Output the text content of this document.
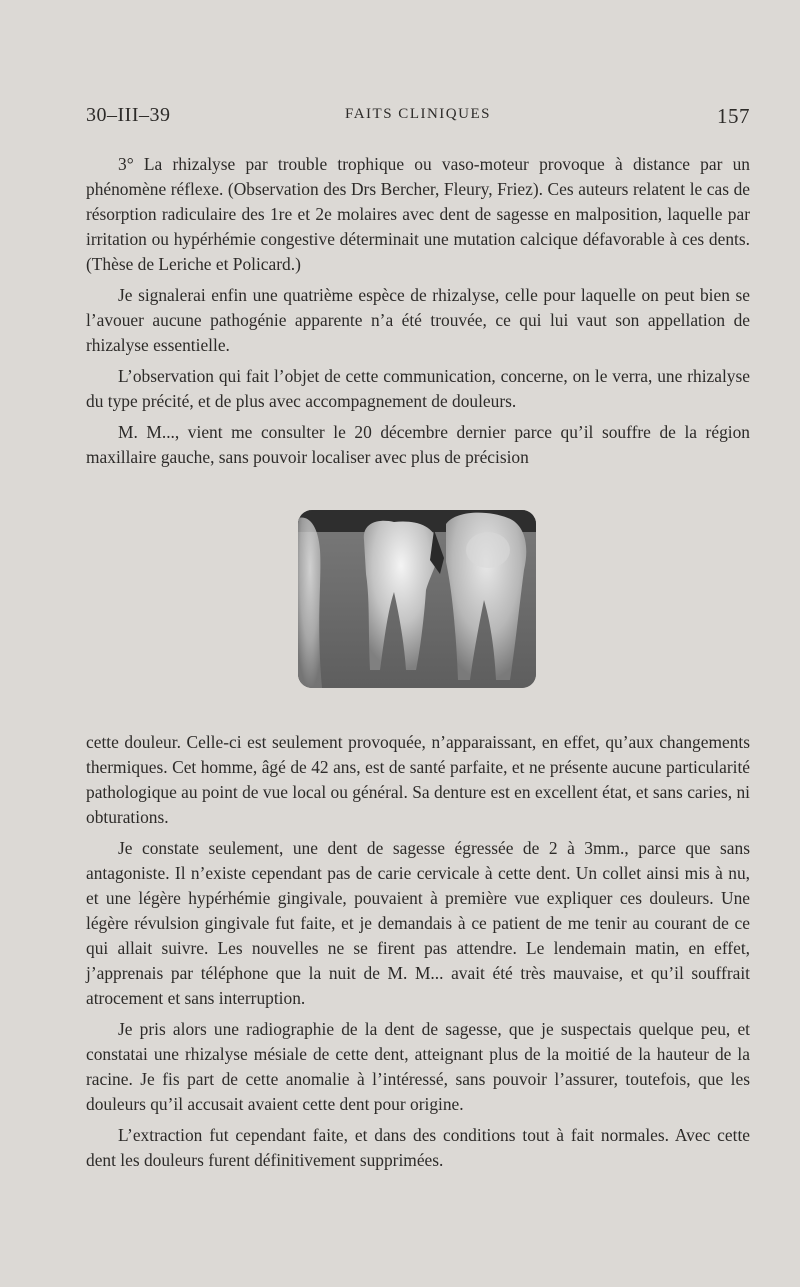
30–III–39	FAITS CLINIQUES	157

3° La rhizalyse par trouble trophique ou vaso-moteur provoque à distance par un phénomène réflexe. (Observation des Drs Bercher, Fleury, Friez). Ces auteurs relatent le cas de résorption radiculaire des 1re et 2e molaires avec dent de sagesse en malposition, laquelle par irritation ou hypérhémie congestive déterminait une mutation calcique défavorable à ces dents. (Thèse de Leriche et Policard.)

Je signalerai enfin une quatrième espèce de rhizalyse, celle pour laquelle on peut bien se l’avouer aucune pathogénie apparente n’a été trouvée, ce qui lui vaut son appellation de rhizalyse essentielle.

L’observation qui fait l’objet de cette communication, concerne, on le verra, une rhizalyse du type précité, et de plus avec accompagnement de douleurs.

M. M..., vient me consulter le 20 décembre dernier parce qu’il souffre de la région maxillaire gauche, sans pouvoir localiser avec plus de précision

cette douleur. Celle-ci est seulement provoquée, n’apparaissant, en effet, qu’aux changements thermiques. Cet homme, âgé de 42 ans, est de santé parfaite, et ne présente aucune particularité pathologique au point de vue local ou général. Sa denture est en excellent état, et sans caries, ni obturations.

Je constate seulement, une dent de sagesse égressée de 2 à 3mm., parce que sans antagoniste. Il n’existe cependant pas de carie cervicale à cette dent. Un collet ainsi mis à nu, et une légère hypérhémie gingivale, pouvaient à première vue expliquer ces douleurs. Une légère révulsion gingivale fut faite, et je demandais à ce patient de me tenir au courant de ce qui allait suivre. Les nouvelles ne se firent pas attendre. Le lendemain matin, en effet, j’apprenais par téléphone que la nuit de M. M... avait été très mauvaise, et qu’il souffrait atrocement et sans interruption.

Je pris alors une radiographie de la dent de sagesse, que je suspectais quelque peu, et constatai une rhizalyse mésiale de cette dent, atteignant plus de la moitié de la hauteur de la racine. Je fis part de cette anomalie à l’intéressé, sans pouvoir l’assurer, toutefois, que les douleurs qu’il accusait avaient cette dent pour origine.

L’extraction fut cependant faite, et dans des conditions tout à fait normales. Avec cette dent les douleurs furent définitivement supprimées.
